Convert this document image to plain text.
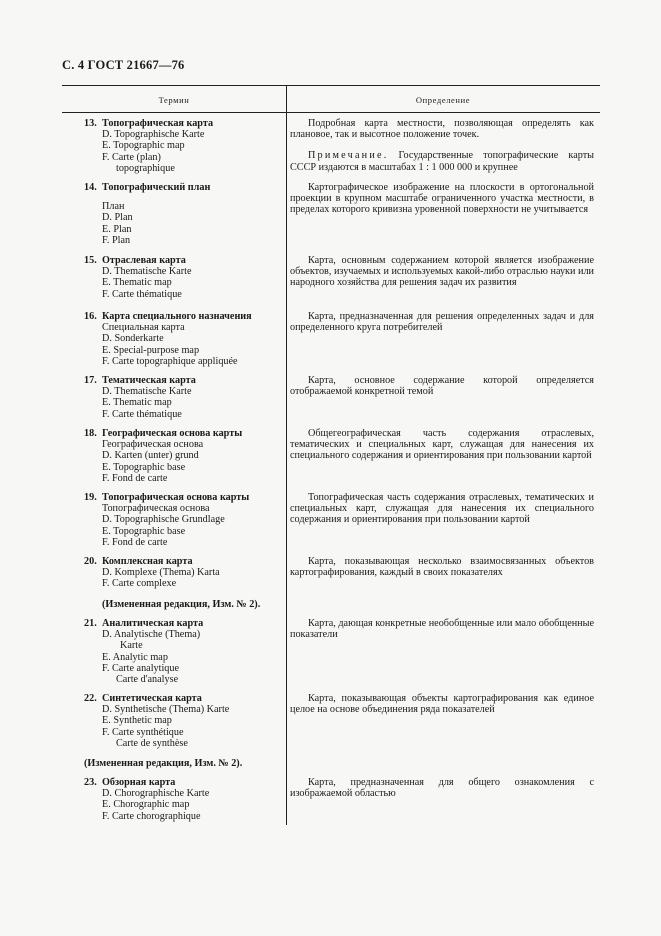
С. 4 ГОСТ 21667—76
Термин	Определение
13. Топографическая карта
D. Topographische Karte
E. Topographic map
F. Carte (plan)
topographique

Подробная карта местности, позволяющая определять как плановое, так и высотное положение точек.

Примечание. Государственные топографические карты СССР издаются в масштабах 1 : 1 000 000 и крупнее

14. Топографический план
План
D. Plan
E. Plan
F. Plan

Картографическое изображение на плоскости в ортогональной проекции в крупном масштабе ограниченного участка местности, в пределах которого кривизна уровенной поверхности не учитывается

15. Отраслевая карта
D. Thematische Karte
E. Thematic map
F. Carte thématique

Карта, основным содержанием которой является изображение объектов, изучаемых и используемых какой-либо отраслью науки или народного хозяйства для решения задач их развития

16. Карта специального назначения
Специальная карта
D. Sonderkarte
E. Special-purpose map
F. Carte topographique appliquée

Карта, предназначенная для решения определенных задач и для определенного круга потребителей

17. Тематическая карта
D. Thematische Karte
E. Thematic map
F. Carte thématique

Карта, основное содержание которой определяется отображаемой конкретной темой

18. Географическая основа карты
Географическая основа
D. Karten (unter) grund
E. Topographic base
F. Fond de carte

Общегеографическая часть содержания отраслевых, тематических и специальных карт, служащая для нанесения их специального содержания и ориентирования при пользовании картой

19. Топографическая основа карты
Топографическая основа
D. Topographische Grundlage
E. Topographic base
F. Fond de carte

Топографическая часть содержания отраслевых, тематических и специальных карт, служащая для нанесения их специального содержания и ориентирования при пользовании картой

20. Комплексная карта
D. Komplexe (Thema) Karta
F. Carte complexe

Карта, показывающая несколько взаимосвязанных объектов картографирования, каждый в своих показателях

(Измененная редакция, Изм. № 2).
21. Аналитическая карта
D. Analytische (Thema)
Karte
E. Analytic map
F. Carte analytique
Carte d'analyse

Карта, дающая конкретные необобщенные или мало обобщенные показатели

22. Синтетическая карта
D. Synthetische (Thema) Karte
E. Synthetic map
F. Carte synthétique
Carte de synthèse

Карта, показывающая объекты картографирования как единое целое на основе объединения ряда показателей

(Измененная редакция, Изм. № 2).
23. Обзорная карта
D. Chorographische Karte
E. Chorographic map
F. Carte chorographique

Карта, предназначенная для общего ознакомления с изображаемой областью
